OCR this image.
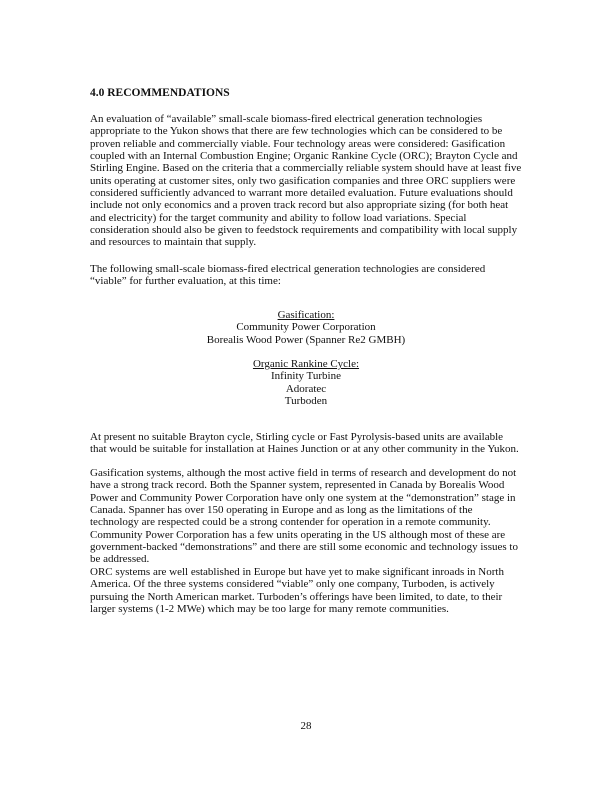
4.0 RECOMMENDATIONS
An evaluation of “available” small-scale biomass-fired electrical generation technologies
appropriate to the Yukon shows that there are few technologies which can be considered to be
proven reliable and commercially viable. Four technology areas were considered: Gasification
coupled with an Internal Combustion Engine; Organic Rankine Cycle (ORC); Brayton Cycle and
Stirling Engine. Based on the criteria that a commercially reliable system should have at least five
units operating at customer sites, only two gasification companies and three ORC suppliers were
considered sufficiently advanced to warrant more detailed evaluation. Future evaluations should
include not only economics and a proven track record but also appropriate sizing (for both heat
and electricity) for the target community and ability to follow load variations. Special
consideration should also be given to feedstock requirements and compatibility with local supply
and resources to maintain that supply.
The following small-scale biomass-fired electrical generation technologies are considered
“viable” for further evaluation, at this time:
Gasification:
Community Power Corporation
Borealis Wood Power (Spanner Re2 GMBH)
Organic Rankine Cycle:
Infinity Turbine
Adoratec
Turboden
At present no suitable Brayton cycle, Stirling cycle or Fast Pyrolysis-based units are available
that would be suitable for installation at Haines Junction or at any other community in the Yukon.
Gasification systems, although the most active field in terms of research and development do not
have a strong track record. Both the Spanner system, represented in Canada by Borealis Wood
Power and Community Power Corporation have only one system at the “demonstration” stage in
Canada. Spanner has over 150 operating in Europe and as long as the limitations of the
technology are respected could be a strong contender for operation in a remote community.
Community Power Corporation has a few units operating in the US although most of these are
government-backed “demonstrations” and there are still some economic and technology issues to
be addressed.
ORC systems are well established in Europe but have yet to make significant inroads in North
America. Of the three systems considered “viable” only one company, Turboden, is actively
pursuing the North American market. Turboden’s offerings have been limited, to date, to their
larger systems (1-2 MWe) which may be too large for many remote communities.
28
